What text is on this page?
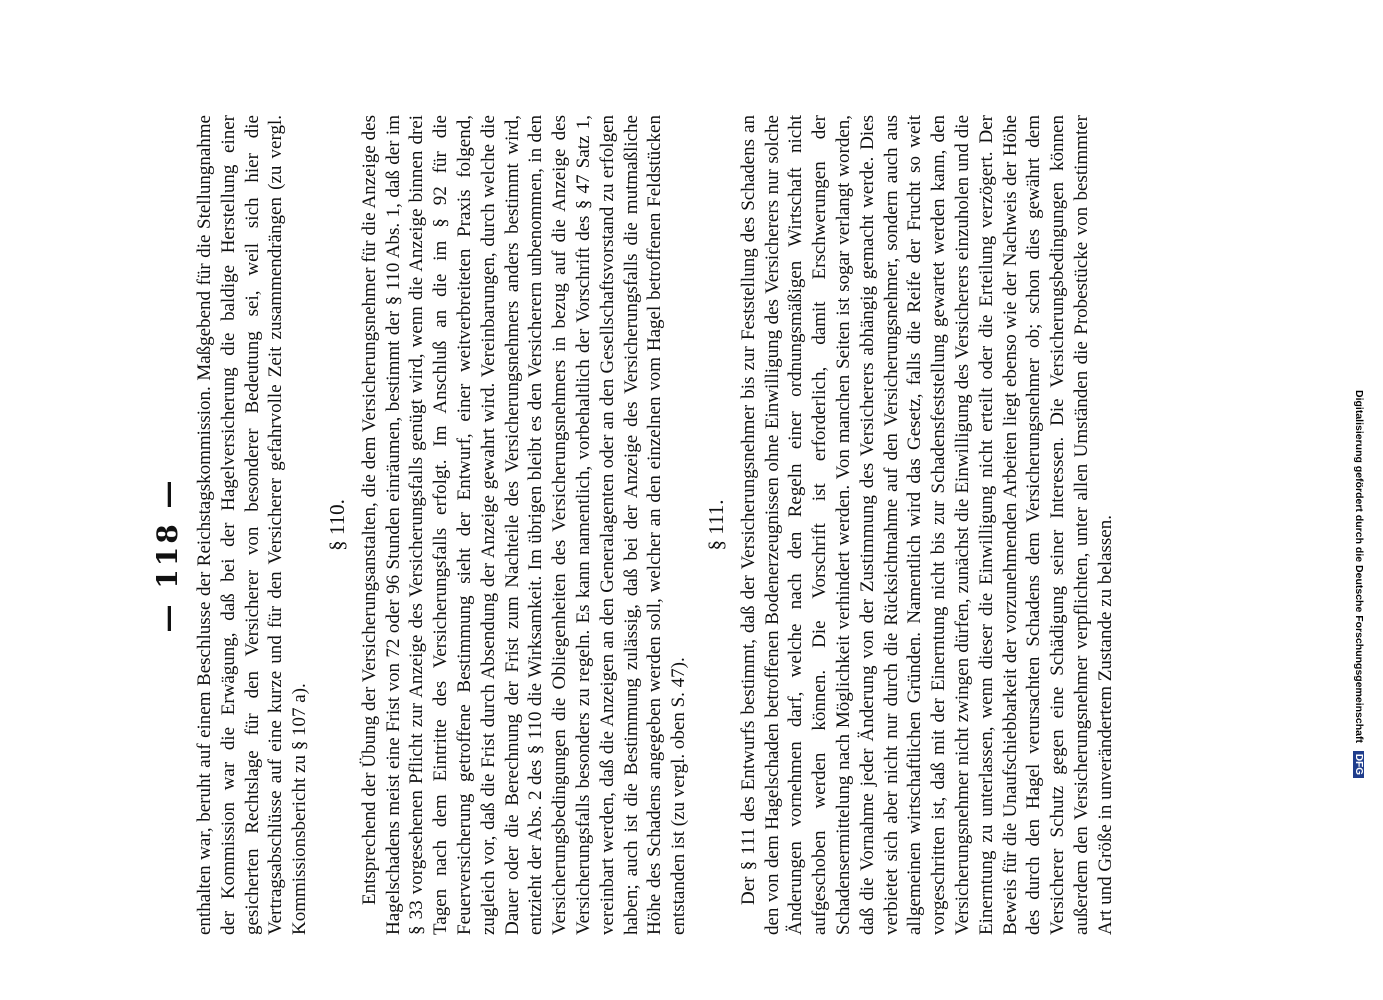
— 118 — enthalten war, beruht auf einem Beschlusse der Reichstagskommission. Maßgebend für die Stellungnahme der Kommission war die Erwägung, daß bei der Hagelversicherung die baldige Herstellung einer gesicherten Rechtslage für den Versicherer von besonderer Bedeutung sei, weil sich hier die Vertragsabschlüsse auf eine kurze und für den Versicherer gefahrvolle Zeit zusammendrängen (zu vergl. Kommissionsbericht zu § 107 a).

§ 110. Entsprechend der Übung der Versicherungsanstalten, die dem Versicherungsnehmer für die Anzeige des Hagelschadens meist eine Frist von 72 oder 96 Stunden einräumen, bestimmt der § 110 Abs. 1, daß der im § 33 vorgesehenen Pflicht zur Anzeige des Versicherungsfalls genügt wird, wenn die Anzeige binnen drei Tagen nach dem Eintritte des Versicherungsfalls erfolgt. Im Anschluß an die im § 92 für die Feuerversicherung getroffene Bestimmung sieht der Entwurf, einer weitverbreiteten Praxis folgend, zugleich vor, daß die Frist durch Absendung der Anzeige gewahrt wird. Vereinbarungen, durch welche die Dauer oder die Berechnung der Frist zum Nachteile des Versicherungsnehmers anders bestimmt wird, entzieht der Abs. 2 des § 110 die Wirksamkeit. Im übrigen bleibt es den Versicherern unbenommen, in den Versicherungsbedingungen die Obliegenheiten des Versicherungsnehmers in bezug auf die Anzeige des Versicherungsfalls besonders zu regeln. Es kann namentlich, vorbehaltlich der Vorschrift des § 47 Satz 1, vereinbart werden, daß die Anzeigen an den Generalagenten oder an den Gesellschaftsvorstand zu erfolgen haben; auch ist die Bestimmung zulässig, daß bei der Anzeige des Versicherungsfalls die mutmaßliche Höhe des Schadens angegeben werden soll, welcher an den einzelnen vom Hagel betroffenen Feldstücken entstanden ist (zu vergl. oben S. 47).

§ 111. Der § 111 des Entwurfs bestimmt, daß der Versicherungsnehmer bis zur Feststellung des Schadens an den von dem Hagelschaden betroffenen Bodenerzeugnissen ohne Einwilligung des Versicherers nur solche Änderungen vornehmen darf, welche nach den Regeln einer ordnungsmäßigen Wirtschaft nicht aufgeschoben werden können. Die Vorschrift ist erforderlich, damit Erschwerungen der Schadensermittelung nach Möglichkeit verhindert werden. Von manchen Seiten ist sogar verlangt worden, daß die Vornahme jeder Änderung von der Zustimmung des Versicherers abhängig gemacht werde. Dies verbietet sich aber nicht nur durch die Rücksichtnahme auf den Versicherungsnehmer, sondern auch aus allgemeinen wirtschaftlichen Gründen. Namentlich wird das Gesetz, falls die Reife der Frucht so weit vorgeschritten ist, daß mit der Einerntung nicht bis zur Schadensfeststellung gewartet werden kann, den Versicherungsnehmer nicht zwingen dürfen, zunächst die Einwilligung des Versicherers einzuholen und die Einerntung zu unterlassen, wenn dieser die Einwilligung nicht erteilt oder die Erteilung verzögert. Der Beweis für die Unaufschiebbarkeit der vorzunehmenden Arbeiten liegt ebenso wie der Nachweis der Höhe des durch den Hagel verursachten Schadens dem Versicherungsnehmer ob; schon dies gewährt dem Versicherer Schutz gegen eine Schädigung seiner Interessen. Die Versicherungsbedingungen können außerdem den Versicherungsnehmer verpflichten, unter allen Umständen die Probestücke von bestimmter Art und Größe in unverändertem Zustande zu belassen.	Digitalisierung gefördert durch die Deutsche Forschungsgemeinschaft DFG
